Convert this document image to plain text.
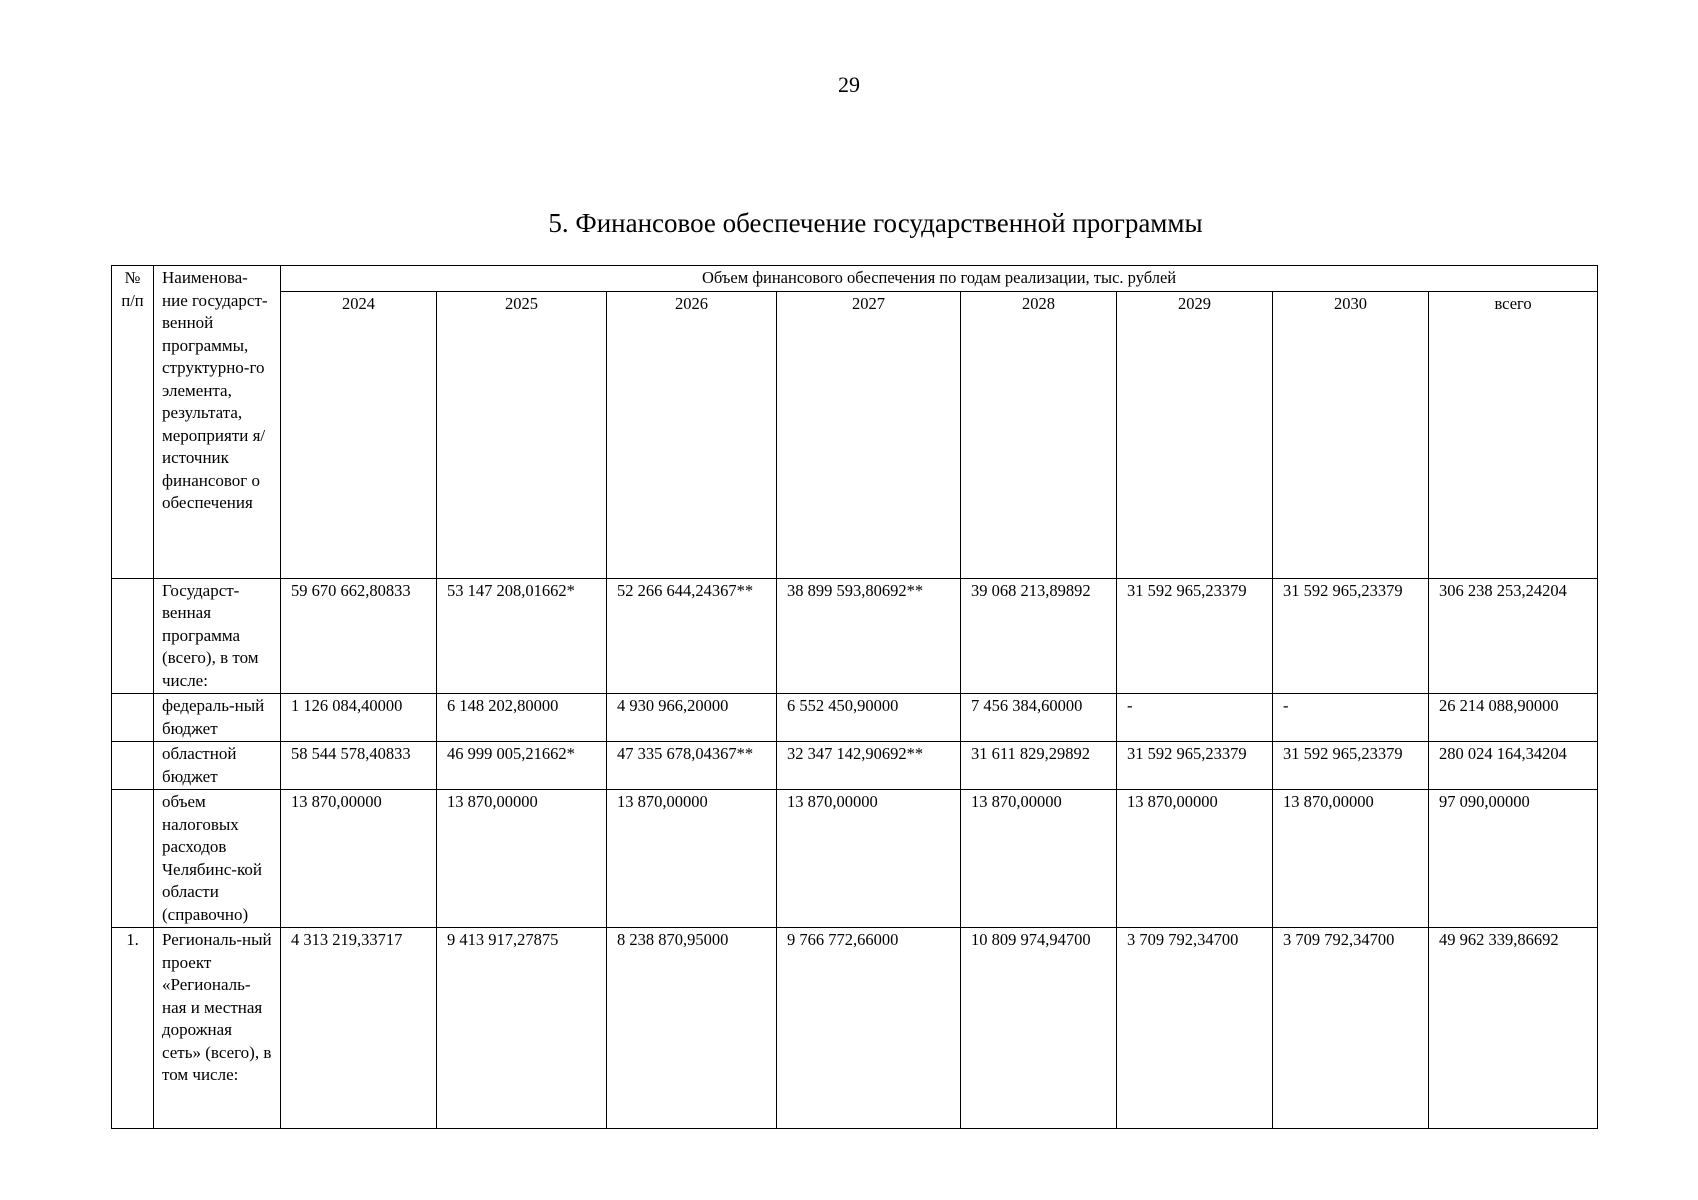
29
5. Финансовое обеспечение государственной программы
№ п/п	Наименова-ние государст-венной программы, структурно-го элемента, результата, мероприяти я/источник финансовог о обеспечения	Объем финансового обеспечения по годам реализации, тыс. рублей							
		2024	2025	2026	2027	2028	2029	2030	всего
	Государст-венная программа (всего), в том числе:	59 670 662,80833	53 147 208,01662*	52 266 644,24367**	38 899 593,80692**	39 068 213,89892	31 592 965,23379	31 592 965,23379	306 238 253,24204
	федераль-ный бюджет	1 126 084,40000	6 148 202,80000	4 930 966,20000	6 552 450,90000	7 456 384,60000	-	-	26 214 088,90000
	областной бюджет	58 544 578,40833	46 999 005,21662*	47 335 678,04367**	32 347 142,90692**	31 611 829,29892	31 592 965,23379	31 592 965,23379	280 024 164,34204
	объем налоговых расходов Челябинс-кой области (справочно)	13 870,00000	13 870,00000	13 870,00000	13 870,00000	13 870,00000	13 870,00000	13 870,00000	97 090,00000
1.	Региональ-ный проект «Региональ-ная и местная дорожная сеть» (всего), в том числе:	4 313 219,33717	9 413 917,27875	8 238 870,95000	9 766 772,66000	10 809 974,94700	3 709 792,34700	3 709 792,34700	49 962 339,86692
